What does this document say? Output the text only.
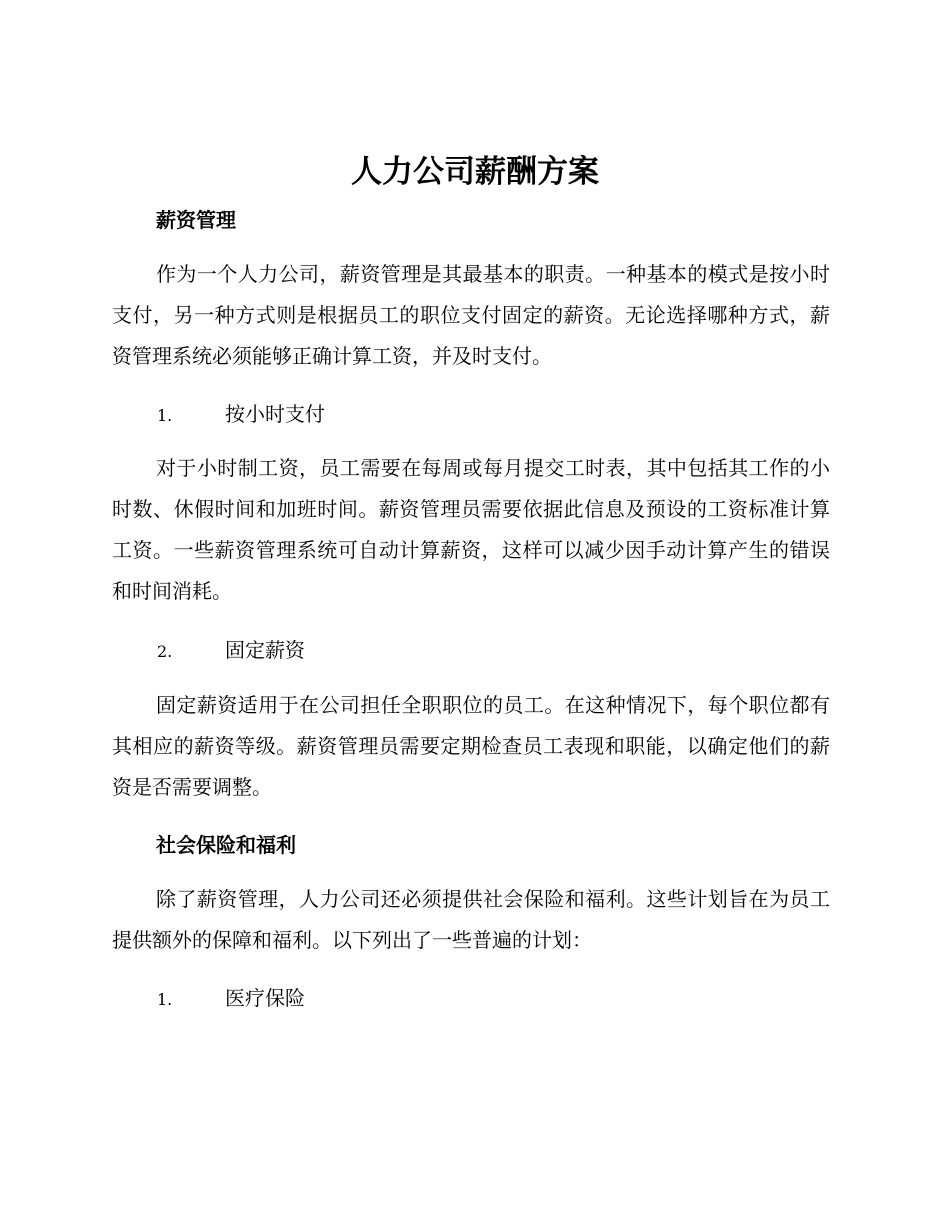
人力公司薪酬方案
薪资管理

作为一个人力公司，薪资管理是其最基本的职责。一种基本的模式是按小时支付，另一种方式则是根据员工的职位支付固定的薪资。无论选择哪种方式，薪资管理系统必须能够正确计算工资，并及时支付。

1.	按小时支付

对于小时制工资，员工需要在每周或每月提交工时表，其中包括其工作的小时数、休假时间和加班时间。薪资管理员需要依据此信息及预设的工资标准计算工资。一些薪资管理系统可自动计算薪资，这样可以减少因手动计算产生的错误和时间消耗。

2.	固定薪资

固定薪资适用于在公司担任全职职位的员工。在这种情况下，每个职位都有其相应的薪资等级。薪资管理员需要定期检查员工表现和职能，以确定他们的薪资是否需要调整。

社会保险和福利

除了薪资管理，人力公司还必须提供社会保险和福利。这些计划旨在为员工提供额外的保障和福利。以下列出了一些普遍的计划：

1.	医疗保险
